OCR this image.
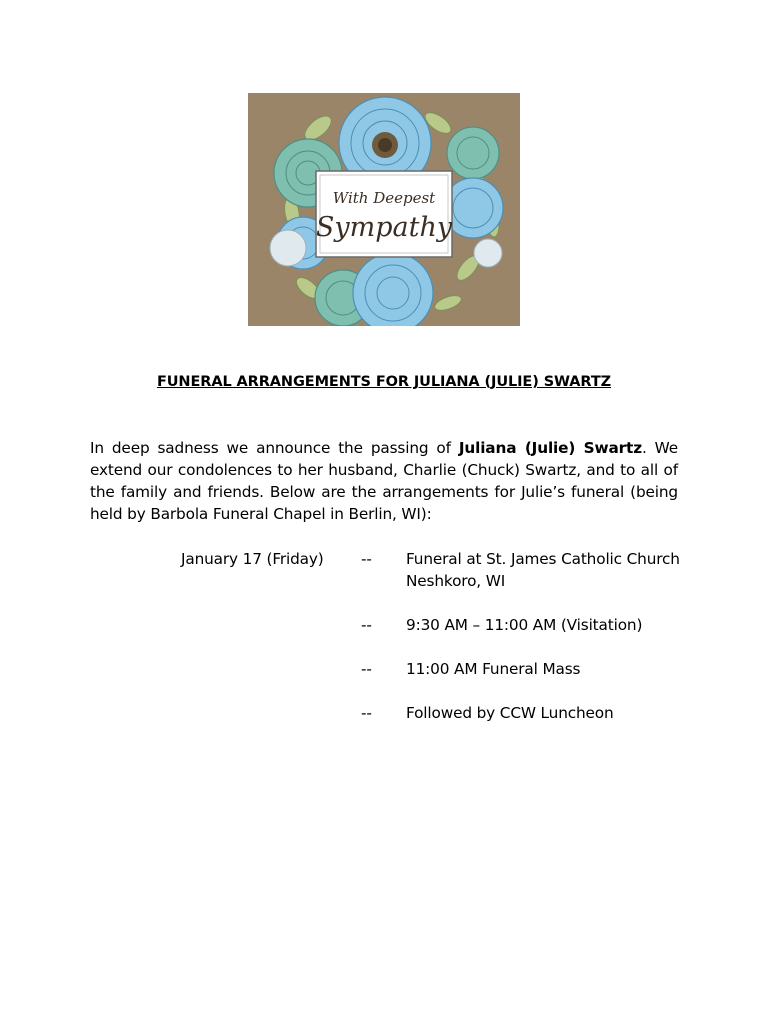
With Deepest
Sympathy
FUNERAL ARRANGEMENTS FOR JULIANA (JULIE) SWARTZ
In deep sadness we announce the passing of Juliana (Julie) Swartz. We extend our condolences to her husband, Charlie (Chuck) Swartz, and to all of the family and friends. Below are the arrangements for Julie’s funeral (being held by Barbola Funeral Chapel in Berlin, WI):
January 17 (Friday) -- Funeral at St. James Catholic Church
Neshkoro, WI
-- 9:30 AM – 11:00 AM (Visitation)
-- 11:00 AM Funeral Mass
-- Followed by CCW Luncheon
